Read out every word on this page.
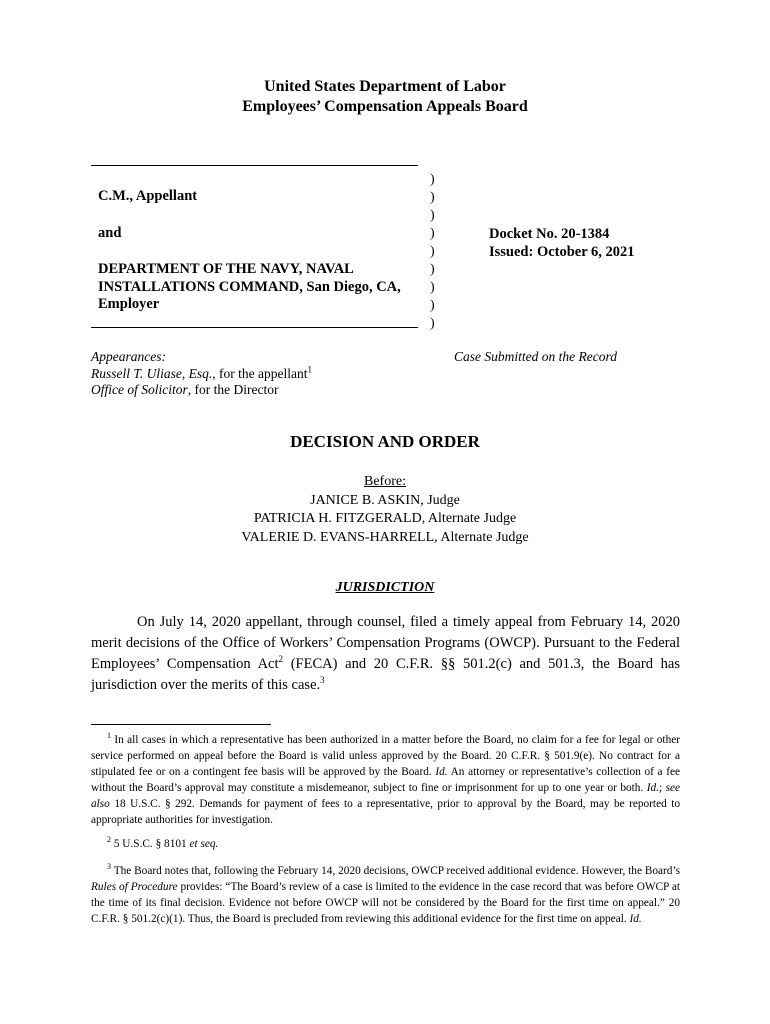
United States Department of Labor
Employees’ Compensation Appeals Board
C.M., Appellant
and
DEPARTMENT OF THE NAVY, NAVAL
INSTALLATIONS COMMAND, San Diego, CA,
Employer
)
)
)
)
)
)
)
)
)
Docket No. 20-1384
Issued: October 6, 2021
Appearances:
Russell T. Uliase, Esq., for the appellant$^1$
Office of Solicitor, for the Director
Case Submitted on the Record
DECISION AND ORDER
Before:
JANICE B. ASKIN, Judge
PATRICIA H. FITZGERALD, Alternate Judge
VALERIE D. EVANS-HARRELL, Alternate Judge
JURISDICTION
On July 14, 2020 appellant, through counsel, filed a timely appeal from February 14, 2020 merit decisions of the Office of Workers’ Compensation Programs (OWCP). Pursuant to the Federal Employees’ Compensation Act$^2$ (FECA) and 20 C.F.R. §§ 501.2(c) and 501.3, the Board has jurisdiction over the merits of this case.$^3$
$^1$ In all cases in which a representative has been authorized in a matter before the Board, no claim for a fee for legal or other service performed on appeal before the Board is valid unless approved by the Board. 20 C.F.R. § 501.9(e). No contract for a stipulated fee or on a contingent fee basis will be approved by the Board. Id. An attorney or representative’s collection of a fee without the Board’s approval may constitute a misdemeanor, subject to fine or imprisonment for up to one year or both. Id.; see also 18 U.S.C. § 292. Demands for payment of fees to a representative, prior to approval by the Board, may be reported to appropriate authorities for investigation.
$^2$ 5 U.S.C. § 8101 et seq.
$^3$ The Board notes that, following the February 14, 2020 decisions, OWCP received additional evidence. However, the Board’s Rules of Procedure provides: “The Board’s review of a case is limited to the evidence in the case record that was before OWCP at the time of its final decision. Evidence not before OWCP will not be considered by the Board for the first time on appeal.” 20 C.F.R. § 501.2(c)(1). Thus, the Board is precluded from reviewing this additional evidence for the first time on appeal. Id.
